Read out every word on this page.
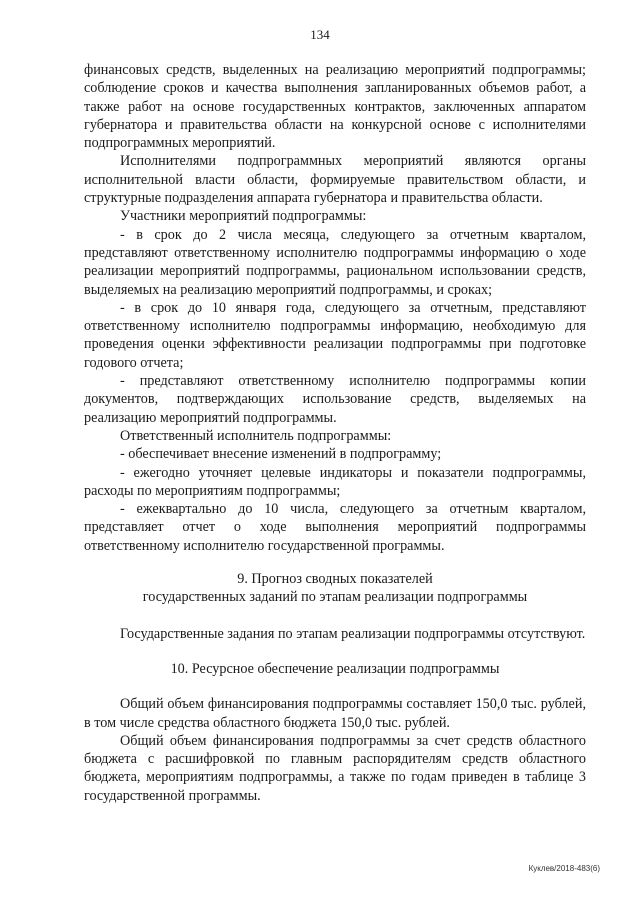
134

финансовых средств, выделенных на реализацию мероприятий подпрограммы; соблюдение сроков и качества выполнения запланированных объемов работ, а также работ на основе государственных контрактов, заключенных аппаратом губернатора и правительства области на конкурсной основе с исполнителями подпрограммных мероприятий.

Исполнителями подпрограммных мероприятий являются органы исполнительной власти области, формируемые правительством области, и структурные подразделения аппарата губернатора и правительства области.

Участники мероприятий подпрограммы:

- в срок до 2 числа месяца, следующего за отчетным кварталом, представляют ответственному исполнителю подпрограммы информацию о ходе реализации мероприятий подпрограммы, рациональном использовании средств, выделяемых на реализацию мероприятий подпрограммы, и сроках;

- в срок до 10 января года, следующего за отчетным, представляют ответственному исполнителю подпрограммы информацию, необходимую для проведения оценки эффективности реализации подпрограммы при подготовке годового отчета;

- представляют ответственному исполнителю подпрограммы копии документов, подтверждающих использование средств, выделяемых на реализацию мероприятий подпрограммы.

Ответственный исполнитель подпрограммы:

- обеспечивает внесение изменений в подпрограмму;

- ежегодно уточняет целевые индикаторы и показатели подпрограммы, расходы по мероприятиям подпрограммы;

- ежеквартально до 10 числа, следующего за отчетным кварталом, представляет отчет о ходе выполнения мероприятий подпрограммы ответственному исполнителю государственной программы.

9. Прогноз сводных показателей

государственных заданий по этапам реализации подпрограммы

Государственные задания по этапам реализации подпрограммы отсутствуют.

10. Ресурсное обеспечение реализации подпрограммы

Общий объем финансирования подпрограммы составляет 150,0 тыс. рублей, в том числе средства областного бюджета 150,0 тыс. рублей.

Общий объем финансирования подпрограммы за счет средств областного бюджета с расшифровкой по главным распорядителям средств областного бюджета, мероприятиям подпрограммы, а также по годам приведен в таблице 3 государственной программы.

Куклев/2018-483(6)
